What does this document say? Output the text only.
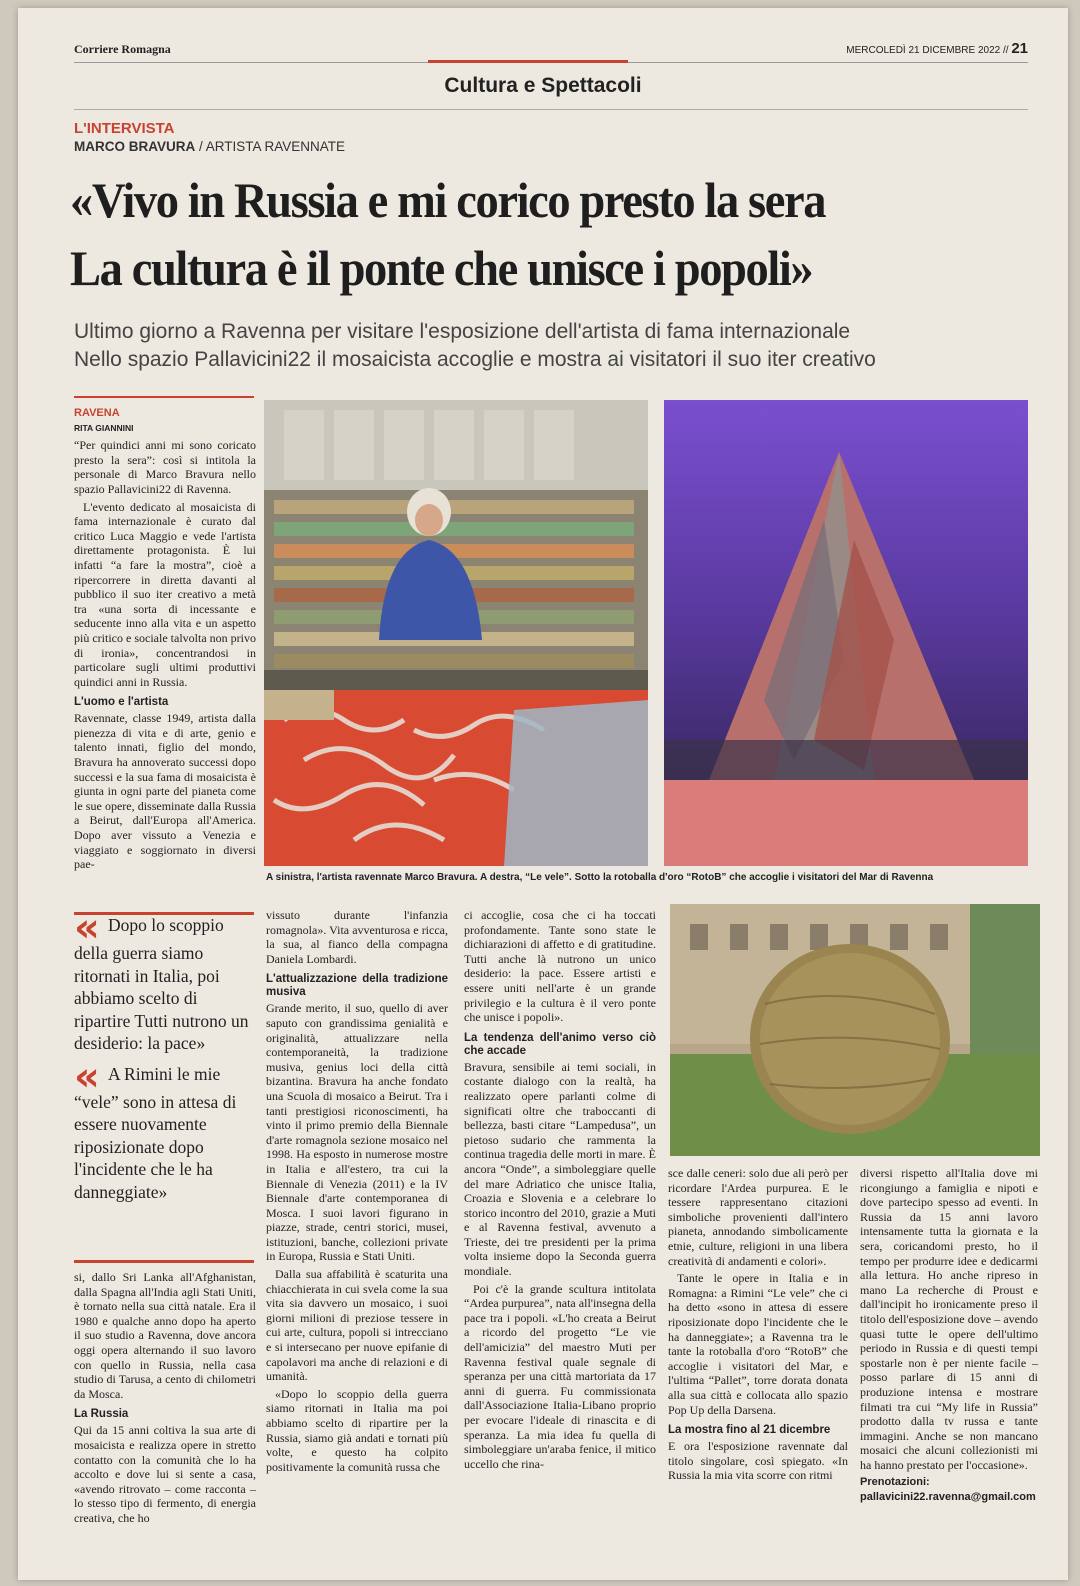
Corriere Romagna	MERCOLEDÌ 21 DICEMBRE 2022 // 21
Cultura e Spettacoli
L'INTERVISTA
MARCO BRAVURA / ARTISTA RAVENNATE
«Vivo in Russia e mi corico presto la sera
La cultura è il ponte che unisce i popoli»
Ultimo giorno a Ravenna per visitare l'esposizione dell'artista di fama internazionale
Nello spazio Pallavicini22 il mosaicista accoglie e mostra ai visitatori il suo iter creativo
RAVENA
RITA GIANNINI

“Per quindici anni mi sono coricato presto la sera”: così si intitola la personale di Marco Bravura nello spazio Pallavicini22 di Ravenna.

L'evento dedicato al mosaicista di fama internazionale è curato dal critico Luca Maggio e vede l'artista direttamente protagonista. È lui infatti “a fare la mostra”, cioè a ripercorrere in diretta davanti al pubblico il suo iter creativo a metà tra «una sorta di incessante e seducente inno alla vita e un aspetto più critico e sociale talvolta non privo di ironia», concentrandosi in particolare sugli ultimi produttivi quindici anni in Russia.

L'uomo e l'artista

Ravennate, classe 1949, artista dalla pienezza di vita e di arte, genio e talento innati, figlio del mondo, Bravura ha annoverato successi dopo successi e la sua fama di mosaicista è giunta in ogni parte del pianeta come le sue opere, disseminate dalla Russia a Beirut, dall'Europa all'America. Dopo aver vissuto a Venezia e viaggiato e soggiornato in diversi pae-

A sinistra, l'artista ravennate Marco Bravura. A destra, “Le vele”. Sotto la rotoballa d'oro “RotoB” che accoglie i visitatori del Mar di Ravenna

« Dopo lo scoppio della guerra siamo ritornati in Italia, poi abbiamo scelto di ripartire Tutti nutrono un desiderio: la pace»

« A Rimini le mie “vele” sono in attesa di essere nuovamente riposizionate dopo l'incidente che le ha danneggiate»

si, dallo Sri Lanka all'Afghanistan, dalla Spagna all'India agli Stati Uniti, è tornato nella sua città natale. Era il 1980 e qualche anno dopo ha aperto il suo studio a Ravenna, dove ancora oggi opera alternando il suo lavoro con quello in Russia, nella casa studio di Tarusa, a cento di chilometri da Mosca.

La Russia

Qui da 15 anni coltiva la sua arte di mosaicista e realizza opere in stretto contatto con la comunità che lo ha accolto e dove lui si sente a casa, «avendo ritrovato – come racconta – lo stesso tipo di fermento, di energia creativa, che ho

vissuto durante l'infanzia romagnola». Vita avventurosa e ricca, la sua, al fianco della compagna Daniela Lombardi.

L'attualizzazione della tradizione musiva

Grande merito, il suo, quello di aver saputo con grandissima genialità e originalità, attualizzare nella contemporaneità, la tradizione musiva, genius loci della città bizantina. Bravura ha anche fondato una Scuola di mosaico a Beirut. Tra i tanti prestigiosi riconoscimenti, ha vinto il primo premio della Biennale d'arte romagnola sezione mosaico nel 1998. Ha esposto in numerose mostre in Italia e all'estero, tra cui la Biennale di Venezia (2011) e la IV Biennale d'arte contemporanea di Mosca. I suoi lavori figurano in piazze, strade, centri storici, musei, istituzioni, banche, collezioni private in Europa, Russia e Stati Uniti.

Dalla sua affabilità è scaturita una chiacchierata in cui svela come la sua vita sia davvero un mosaico, i suoi giorni milioni di preziose tessere in cui arte, cultura, popoli si intrecciano e si intersecano per nuove epifanie di capolavori ma anche di relazioni e di umanità.

«Dopo lo scoppio della guerra siamo ritornati in Italia ma poi abbiamo scelto di ripartire per la Russia, siamo già andati e tornati più volte, e questo ha colpito positivamente la comunità russa che

ci accoglie, cosa che ci ha toccati profondamente. Tante sono state le dichiarazioni di affetto e di gratitudine. Tutti anche là nutrono un unico desiderio: la pace. Essere artisti e essere uniti nell'arte è un grande privilegio e la cultura è il vero ponte che unisce i popoli».

La tendenza dell'animo verso ciò che accade

Bravura, sensibile ai temi sociali, in costante dialogo con la realtà, ha realizzato opere parlanti colme di significati oltre che traboccanti di bellezza, basti citare “Lampedusa”, un pietoso sudario che rammenta la continua tragedia delle morti in mare. È ancora “Onde”, a simboleggiare quelle del mare Adriatico che unisce Italia, Croazia e Slovenia e a celebrare lo storico incontro del 2010, grazie a Muti e al Ravenna festival, avvenuto a Trieste, dei tre presidenti per la prima volta insieme dopo la Seconda guerra mondiale.

Poi c'è la grande scultura intitolata “Ardea purpurea”, nata all'insegna della pace tra i popoli. «L'ho creata a Beirut a ricordo del progetto “Le vie dell'amicizia” del maestro Muti per Ravenna festival quale segnale di speranza per una città martoriata da 17 anni di guerra. Fu commissionata dall'Associazione Italia-Libano proprio per evocare l'ideale di rinascita e di speranza. La mia idea fu quella di simboleggiare un'araba fenice, il mitico uccello che rina-

sce dalle ceneri: solo due ali però per ricordare l'Ardea purpurea. E le tessere rappresentano citazioni simboliche provenienti dall'intero pianeta, annodando simbolicamente etnie, culture, religioni in una libera creatività di andamenti e colori».

Tante le opere in Italia e in Romagna: a Rimini “Le vele” che ci ha detto «sono in attesa di essere riposizionate dopo l'incidente che le ha danneggiate»; a Ravenna tra le tante la rotoballa d'oro “RotoB” che accoglie i visitatori del Mar, e l'ultima “Pallet”, torre dorata donata alla sua città e collocata allo spazio Pop Up della Darsena.

La mostra fino al 21 dicembre

E ora l'esposizione ravennate dal titolo singolare, così spiegato. «In Russia la mia vita scorre con ritmi

diversi rispetto all'Italia dove mi ricongiungo a famiglia e nipoti e dove partecipo spesso ad eventi. In Russia da 15 anni lavoro intensamente tutta la giornata e la sera, coricandomi presto, ho il tempo per produrre idee e dedicarmi alla lettura. Ho anche ripreso in mano La recherche di Proust e dall'incipit ho ironicamente preso il titolo dell'esposizione dove – avendo quasi tutte le opere dell'ultimo periodo in Russia e di questi tempi spostarle non è per niente facile – posso parlare di 15 anni di produzione intensa e mostrare filmati tra cui “My life in Russia” prodotto dalla tv russa e tante immagini. Anche se non mancano mosaici che alcuni collezionisti mi ha hanno prestato per l'occasione».

Prenotazioni: pallavicini22.ravenna@gmail.com
